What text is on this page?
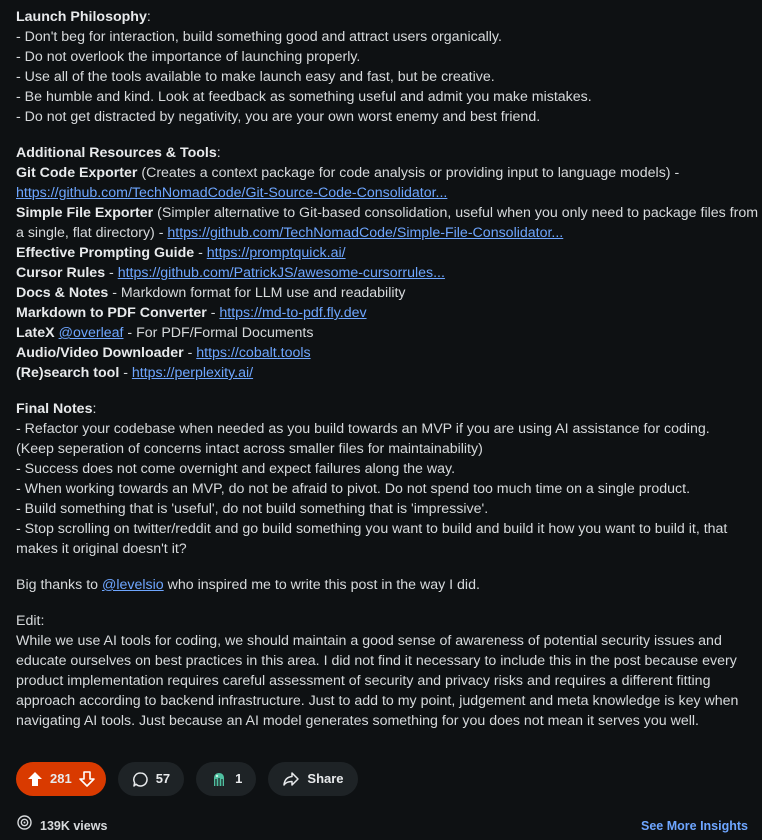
Launch Philosophy:
- Don't beg for interaction, build something good and attract users organically.
- Do not overlook the importance of launching properly.
- Use all of the tools available to make launch easy and fast, but be creative.
- Be humble and kind. Look at feedback as something useful and admit you make mistakes.
- Do not get distracted by negativity, you are your own worst enemy and best friend.
Additional Resources & Tools:
Git Code Exporter (Creates a context package for code analysis or providing input to language models) -
https://github.com/TechNomadCode/Git-Source-Code-Consolidator...
Simple File Exporter (Simpler alternative to Git-based consolidation, useful when you only need to package files from
a single, flat directory) - https://github.com/TechNomadCode/Simple-File-Consolidator...
Effective Prompting Guide - https://promptquick.ai/
Cursor Rules - https://github.com/PatrickJS/awesome-cursorrules...
Docs & Notes - Markdown format for LLM use and readability
Markdown to PDF Converter - https://md-to-pdf.fly.dev
LateX @overleaf - For PDF/Formal Documents
Audio/Video Downloader - https://cobalt.tools
(Re)search tool - https://perplexity.ai/
Final Notes:
- Refactor your codebase when needed as you build towards an MVP if you are using AI assistance for coding. (Keep seperation of concerns intact across smaller files for maintainability)
- Success does not come overnight and expect failures along the way.
- When working towards an MVP, do not be afraid to pivot. Do not spend too much time on a single product.
- Build something that is 'useful', do not build something that is 'impressive'.
- Stop scrolling on twitter/reddit and go build something you want to build and build it how you want to build it, that makes it original doesn't it?
Big thanks to @levelsio who inspired me to write this post in the way I did.
Edit:
While we use AI tools for coding, we should maintain a good sense of awareness of potential security issues and educate ourselves on best practices in this area. I did not find it necessary to include this in the post because every product implementation requires careful assessment of security and privacy risks and requires a different fitting approach according to backend infrastructure. Just to add to my point, judgement and meta knowledge is key when navigating AI tools. Just because an AI model generates something for you does not mean it serves you well.
281	57	1	Share
139K views	See More Insights
